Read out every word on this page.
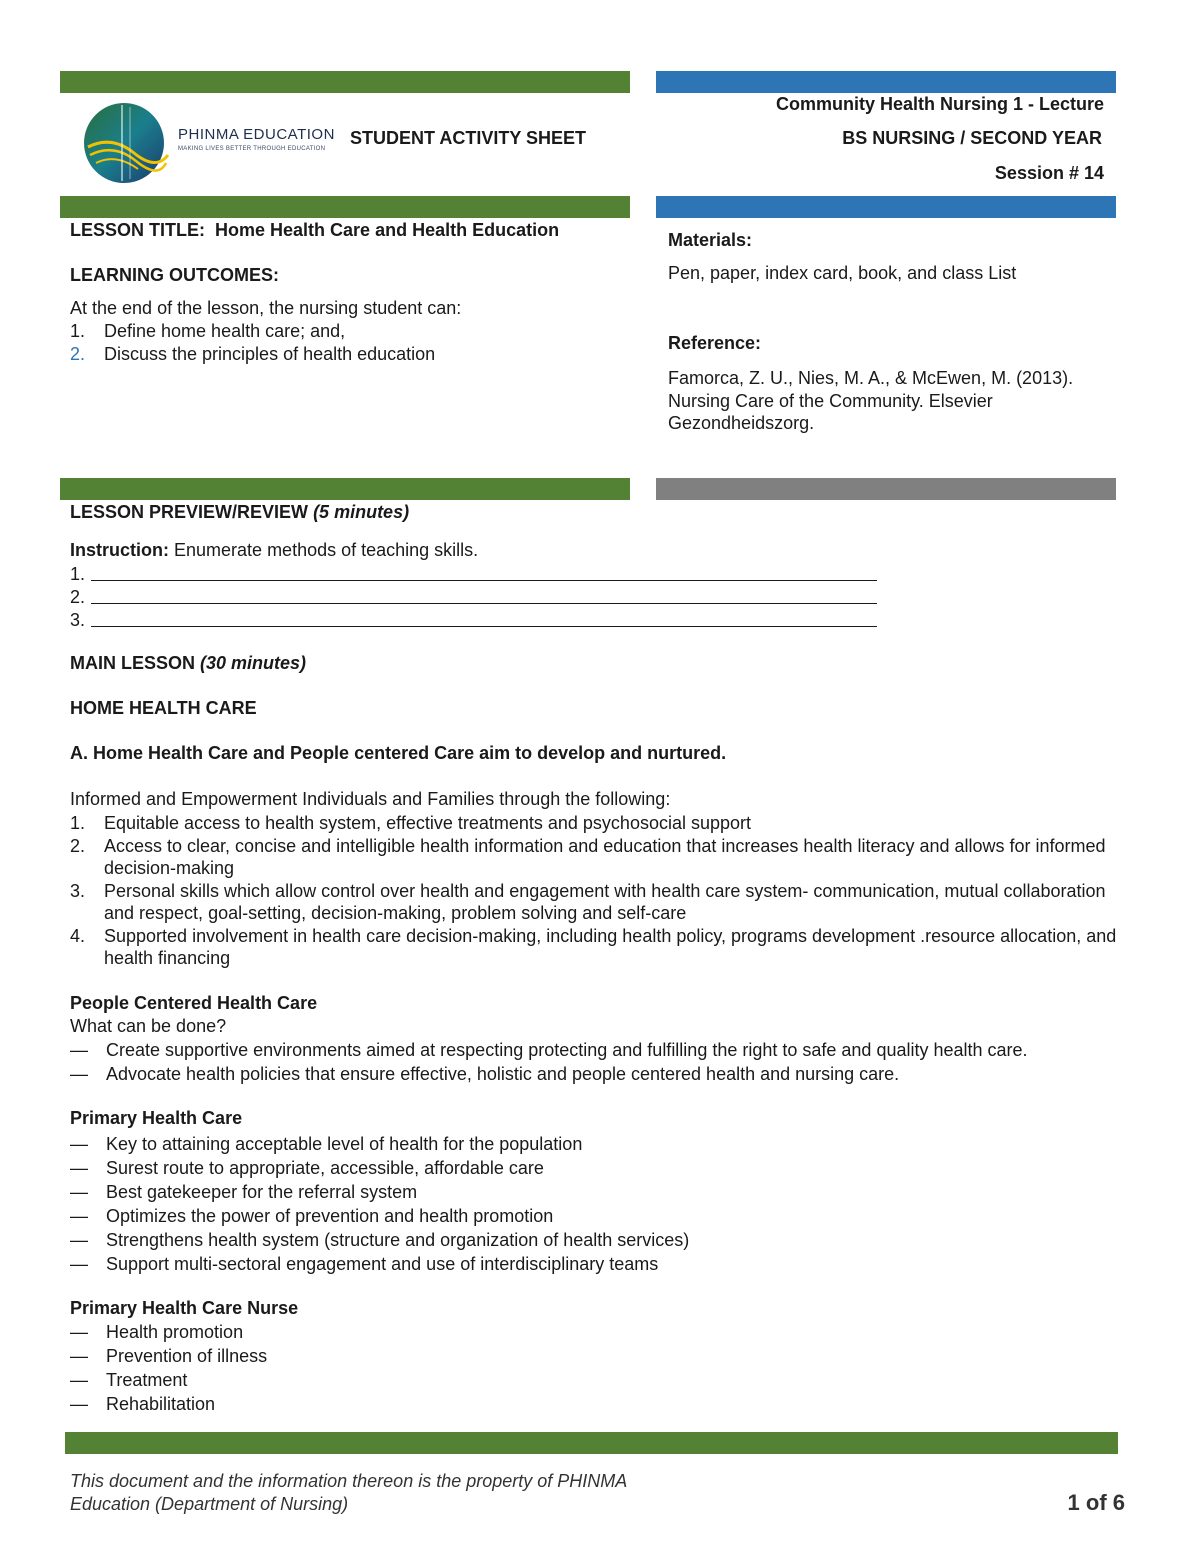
PHINMA EDUCATION
MAKING LIVES BETTER THROUGH EDUCATION
STUDENT ACTIVITY SHEET
Community Health Nursing 1 - Lecture
BS NURSING / SECOND YEAR
Session # 14
LESSON TITLE: Home Health Care and Health Education
LEARNING OUTCOMES:
At the end of the lesson, the nursing student can:
1. Define home health care; and,
2. Discuss the principles of health education
Materials:
Pen, paper, index card, book, and class List
Reference:
Famorca, Z. U., Nies, M. A., & McEwen, M. (2013). Nursing Care of the Community. Elsevier Gezondheidszorg.
LESSON PREVIEW/REVIEW (5 minutes)
Instruction: Enumerate methods of teaching skills.
1.
2.
3.
MAIN LESSON (30 minutes)
HOME HEALTH CARE
A. Home Health Care and People centered Care aim to develop and nurtured.
Informed and Empowerment Individuals and Families through the following:
1. Equitable access to health system, effective treatments and psychosocial support
2. Access to clear, concise and intelligible health information and education that increases health literacy and allows for informed decision-making
3. Personal skills which allow control over health and engagement with health care system- communication, mutual collaboration and respect, goal-setting, decision-making, problem solving and self-care
4. Supported involvement in health care decision-making, including health policy, programs development .resource allocation, and health financing
People Centered Health Care
What can be done?
— Create supportive environments aimed at respecting protecting and fulfilling the right to safe and quality health care.
— Advocate health policies that ensure effective, holistic and people centered health and nursing care.
Primary Health Care
— Key to attaining acceptable level of health for the population
— Surest route to appropriate, accessible, affordable care
— Best gatekeeper for the referral system
— Optimizes the power of prevention and health promotion
— Strengthens health system (structure and organization of health services)
— Support multi-sectoral engagement and use of interdisciplinary teams
Primary Health Care Nurse
— Health promotion
— Prevention of illness
— Treatment
— Rehabilitation
This document and the information thereon is the property of PHINMA Education (Department of Nursing)	1 of 6
